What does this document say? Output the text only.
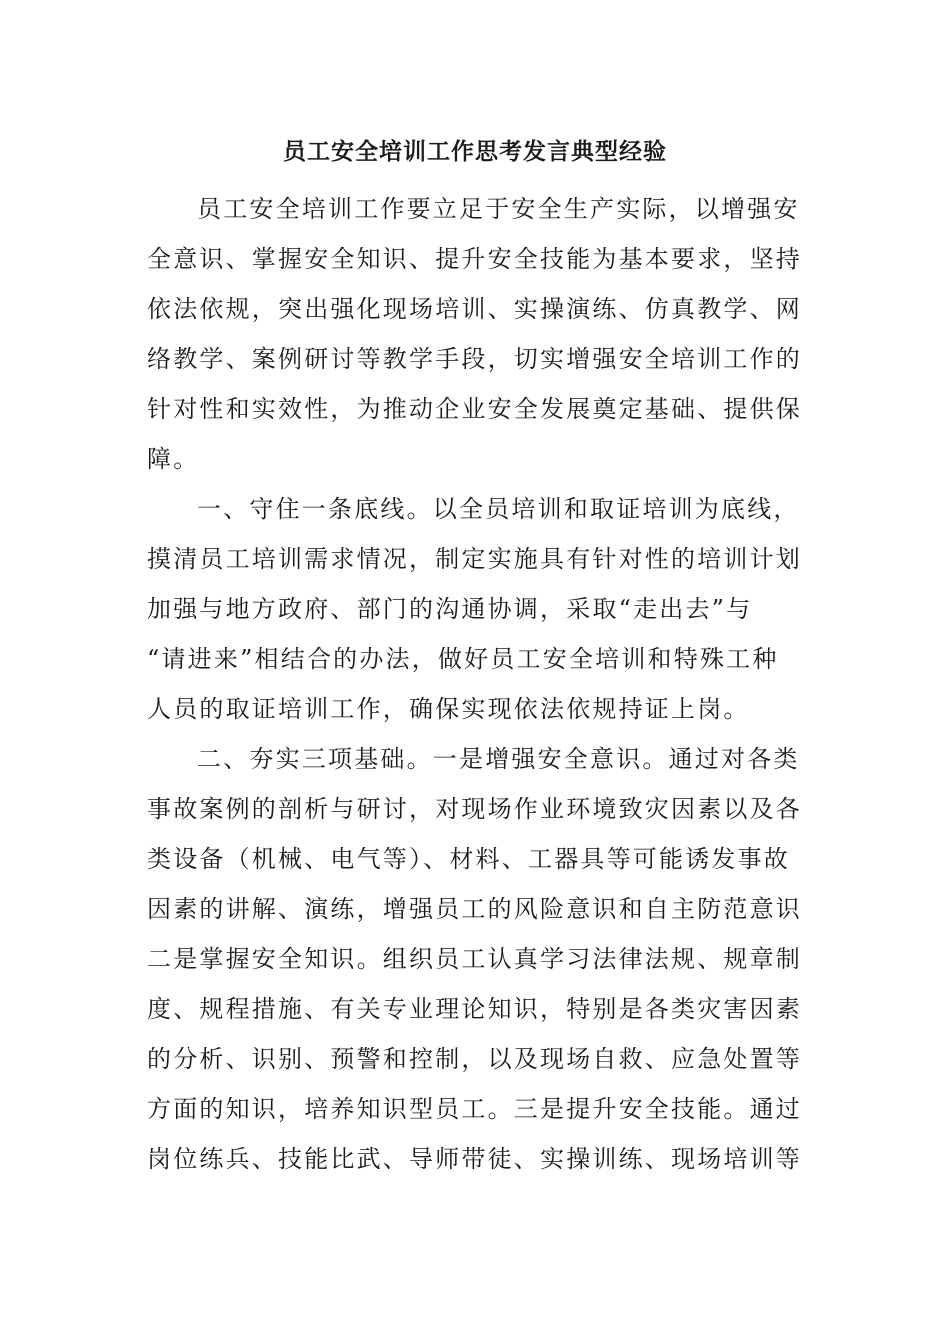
员工安全培训工作思考发言典型经验
员工安全培训工作要立足于安全生产实际，以增强安
全意识、掌握安全知识、提升安全技能为基本要求，坚持
依法依规，突出强化现场培训、实操演练、仿真教学、网
络教学、案例研讨等教学手段，切实增强安全培训工作的
针对性和实效性，为推动企业安全发展奠定基础、提供保
障。
一、守住一条底线。以全员培训和取证培训为底线，
摸清员工培训需求情况，制定实施具有针对性的培训计划
加强与地方政府、部门的沟通协调，采取“走出去”与
“请进来”相结合的办法，做好员工安全培训和特殊工种
人员的取证培训工作，确保实现依法依规持证上岗。
二、夯实三项基础。一是增强安全意识。通过对各类
事故案例的剖析与研讨，对现场作业环境致灾因素以及各
类设备（机械、电气等）、材料、工器具等可能诱发事故
因素的讲解、演练，增强员工的风险意识和自主防范意识
二是掌握安全知识。组织员工认真学习法律法规、规章制
度、规程措施、有关专业理论知识，特别是各类灾害因素
的分析、识别、预警和控制，以及现场自救、应急处置等
方面的知识，培养知识型员工。三是提升安全技能。通过
岗位练兵、技能比武、导师带徒、实操训练、现场培训等
